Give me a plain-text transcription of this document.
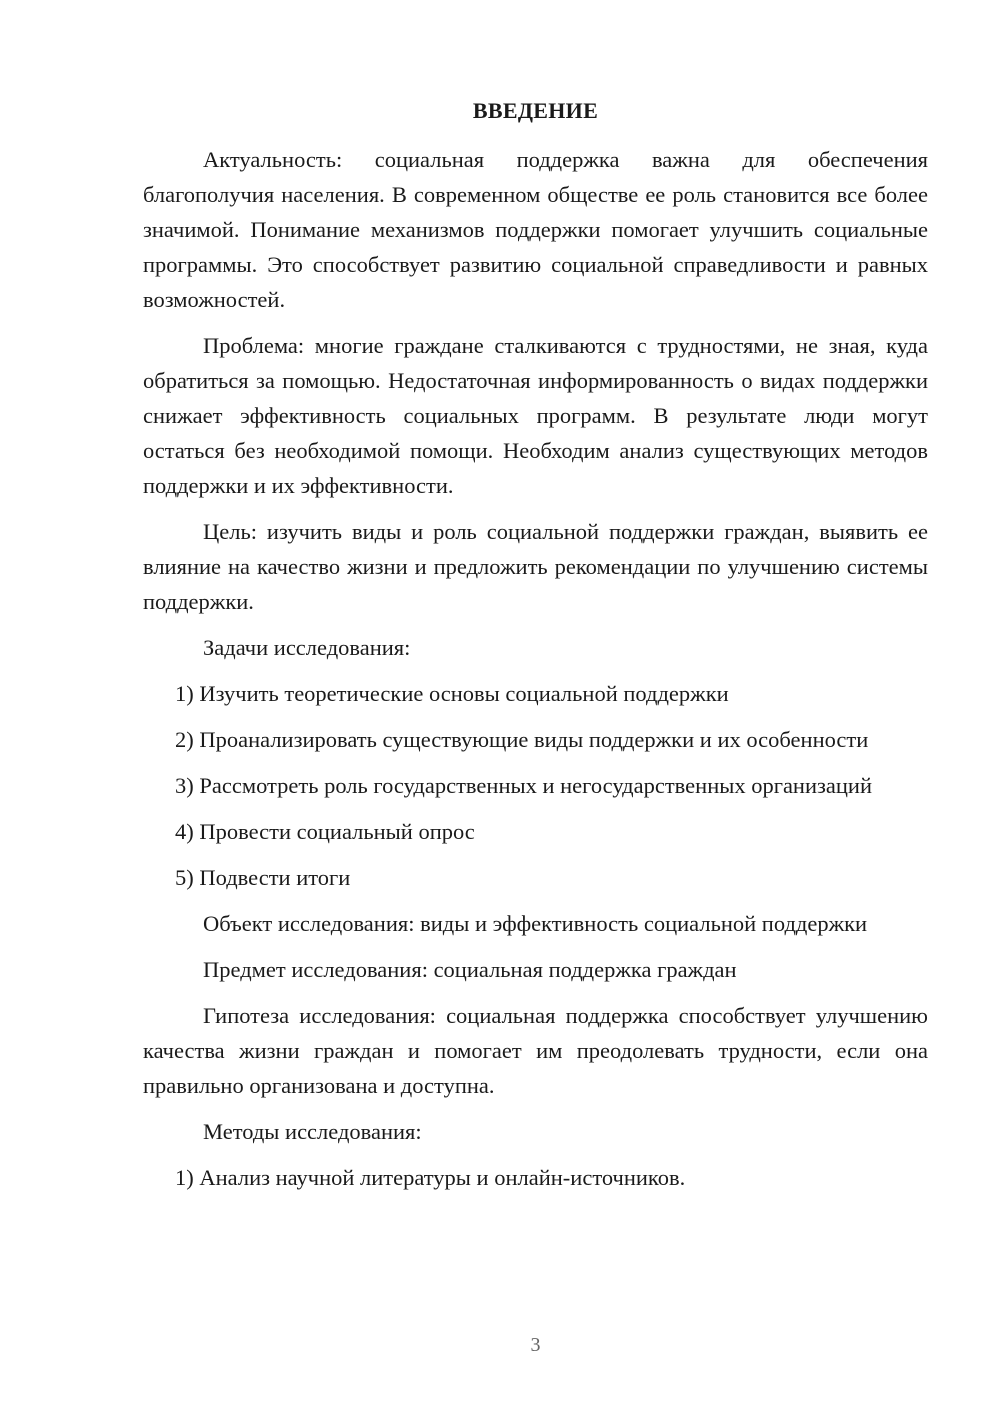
ВВЕДЕНИЕ

Актуальность: социальная поддержка важна для обеспечения благополучия населения. В современном обществе ее роль становится все более значимой. Понимание механизмов поддержки помогает улучшить социальные программы. Это способствует развитию социальной справедливости и равных возможностей.

Проблема: многие граждане сталкиваются с трудностями, не зная, куда обратиться за помощью. Недостаточная информированность о видах поддержки снижает эффективность социальных программ. В результате люди могут остаться без необходимой помощи. Необходим анализ существующих методов поддержки и их эффективности.

Цель: изучить виды и роль социальной поддержки граждан, выявить ее влияние на качество жизни и предложить рекомендации по улучшению системы поддержки.

Задачи исследования:

1) Изучить теоретические основы социальной поддержки

2) Проанализировать существующие виды поддержки и их особенности

3) Рассмотреть роль государственных и негосударственных организаций

4) Провести социальный опрос

5) Подвести итоги

Объект исследования: виды и эффективность социальной поддержки

Предмет исследования: социальная поддержка граждан

Гипотеза исследования: социальная поддержка способствует улучшению качества жизни граждан и помогает им преодолевать трудности, если она правильно организована и доступна.

Методы исследования:

1) Анализ научной литературы и онлайн-источников.

3
